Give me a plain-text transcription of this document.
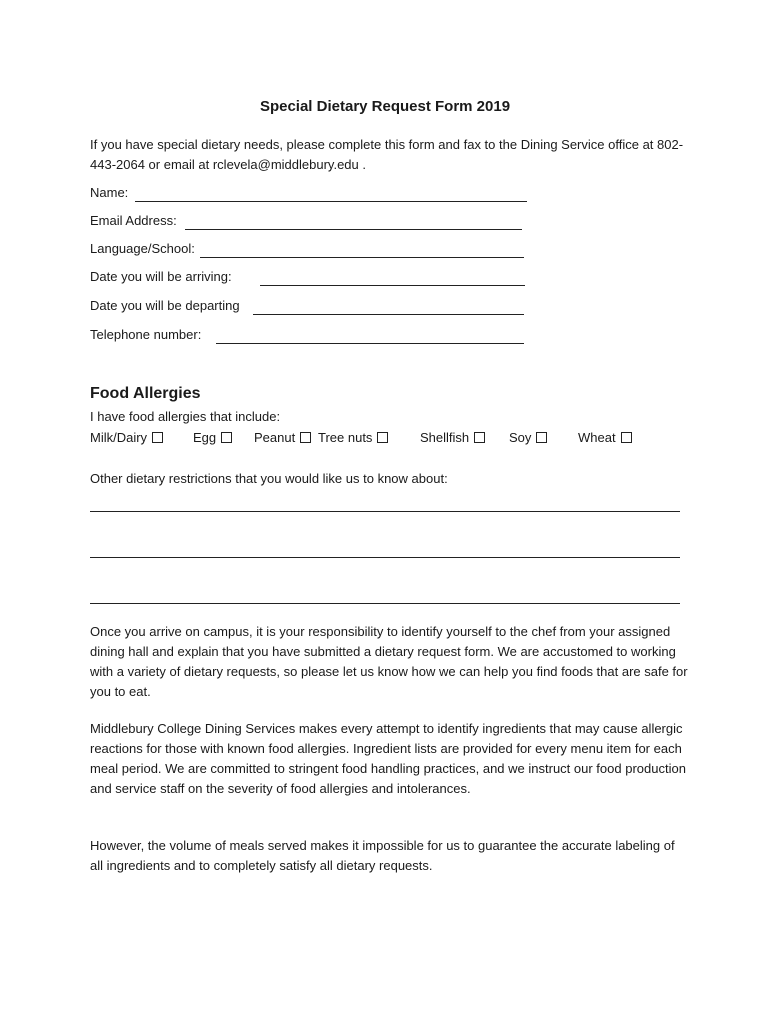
Special Dietary Request Form 2019
If you have special dietary needs, please complete this form and fax to the Dining Service office at 802-443-2064 or email at rclevela@middlebury.edu .
Name:
Email Address:
Language/School:
Date you will be arriving:
Date you will be departing
Telephone number:
Food Allergies
I have food allergies that include:
Milk/Dairy	Egg	Peanut Tree nuts	Shellfish	Soy	Wheat
Other dietary restrictions that you would like us to know about:
Once you arrive on campus, it is your responsibility to identify yourself to the chef from your assigned dining hall and explain that you have submitted a dietary request form. We are accustomed to working with a variety of dietary requests, so please let us know how we can help you find foods that are safe for you to eat.
Middlebury College Dining Services makes every attempt to identify ingredients that may cause allergic reactions for those with known food allergies. Ingredient lists are provided for every menu item for each meal period. We are committed to stringent food handling practices, and we instruct our food production and service staff on the severity of food allergies and intolerances.
However, the volume of meals served makes it impossible for us to guarantee the accurate labeling of all ingredients and to completely satisfy all dietary requests.
